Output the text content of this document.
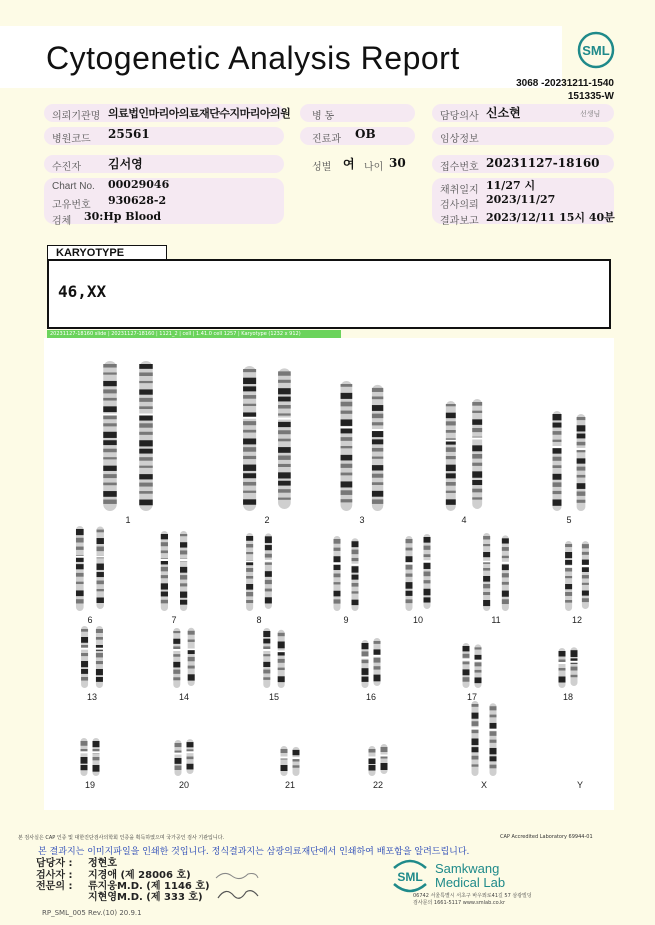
Cytogenetic Analysis Report	SML
3068 -20231211-1540
151335-W
의뢰기관명 의료법인마리아의료재단수지마리아의원 병 동	담당의사 신소현	선생님
병원코드 25561	진료과 OB	임상정보
수진자 김서영	성별 여 나이 30	접수번호 20231127-18160
Chart No. 00029046
고유번호 930628-2
검체 30:Hp Blood
채취일지 11/27 시
검사의뢰 2023/11/27
결과보고 2023/12/11 15시 40분
KARYOTYPE
46,XX
20231127-18160 slide | 20231127-18160 | 1121_2 | cell | 1.41.0 cell 1257 | Karyotype (1232 x 912)
1	2	3	4	5
6	7	8	9	10	11	12
13	14	15	16	17	18
19	20	21	22	X	Y
본 검사실은 CAP 인증 및 대한진단검사의학회 인증을 획득하였으며 국가공인 검사 기관입니다.	CAP Accredited Laboratory 69944-01
본 결과지는 이미지파일을 인쇄한 것입니다. 정식결과지는 삼광의료재단에서 인쇄하여 배포함을 알려드립니다.
담당자 : 정현호
검사자 : 지경애 (제 28006 호)
전문의 : 류지웅M.D. (제 1146 호)
지현영M.D. (제 333 호)
RP_SML_005 Rev.(10) 20.9.1
SML
Samkwang
Medical Lab
06742 서울특별시 서초구 바우뫼로41길 57 삼광빌딩
검사문의 1661-5117 www.smlab.co.kr
